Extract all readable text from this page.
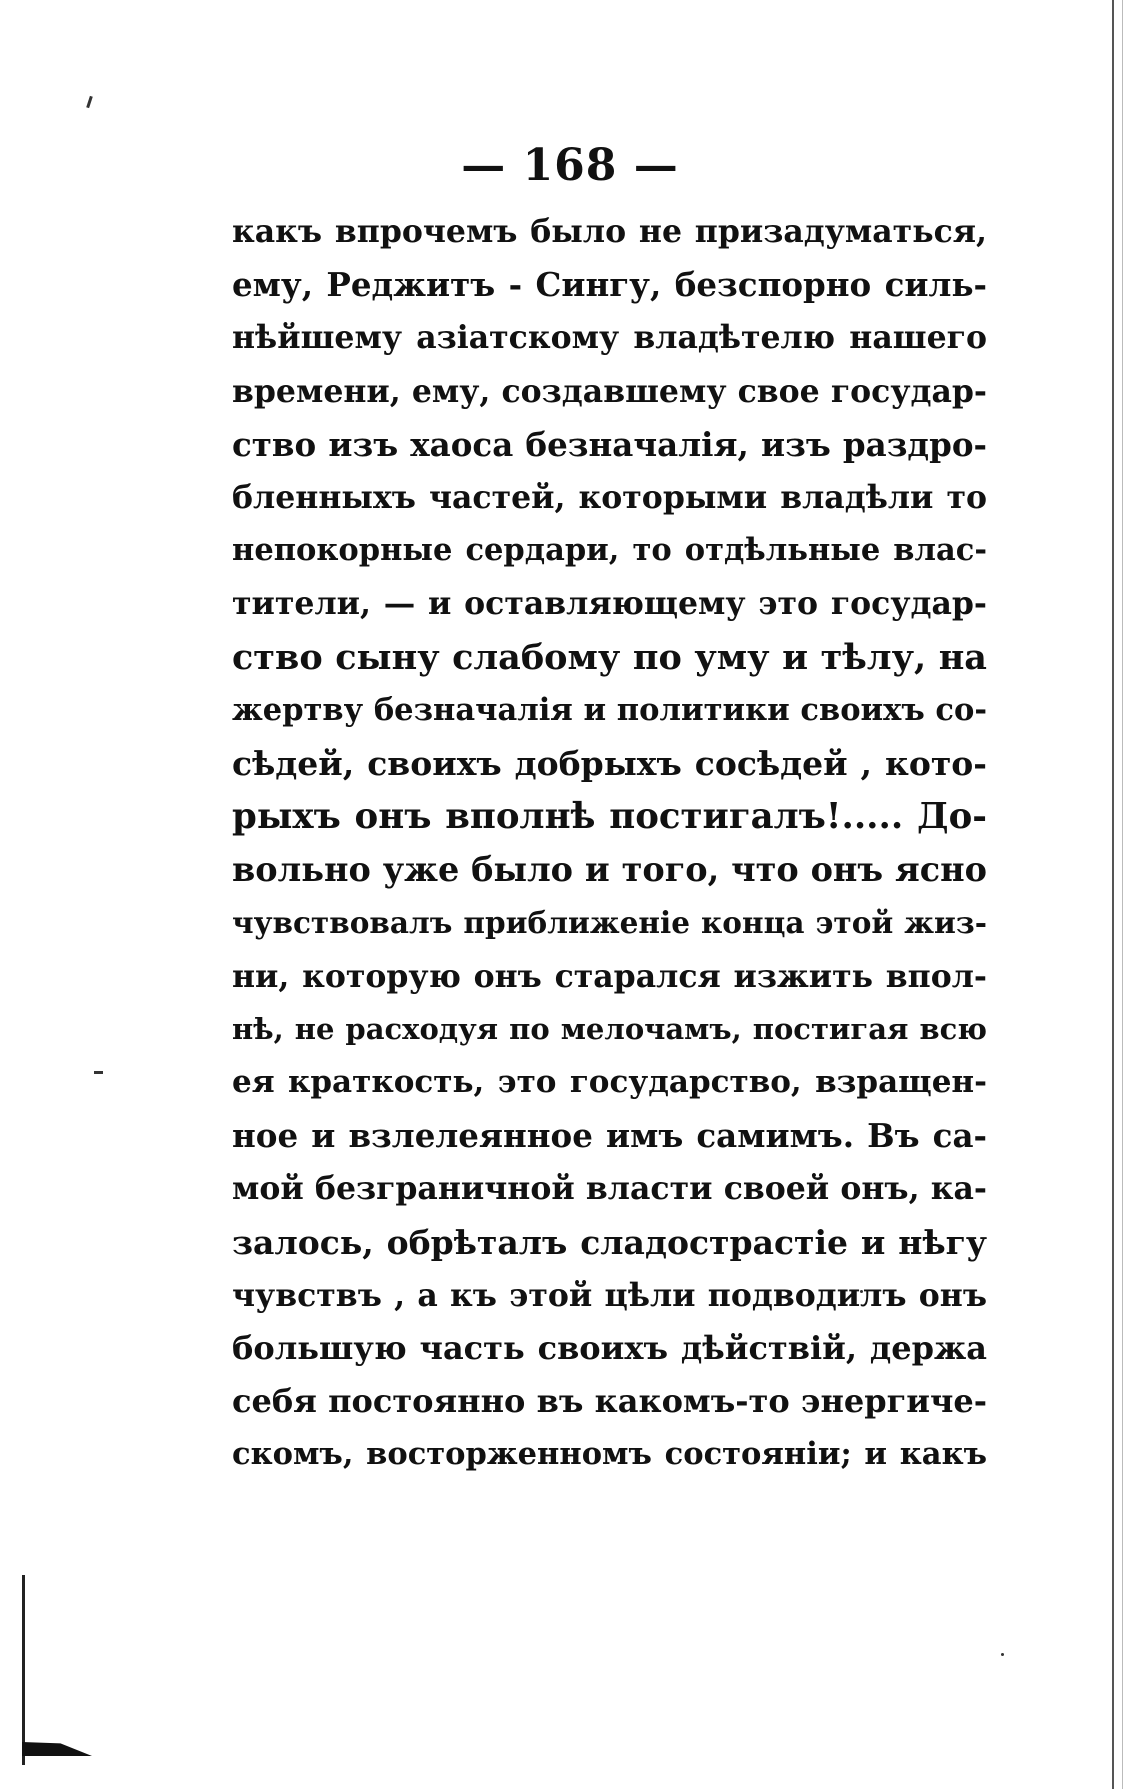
— 168 —
какъ впрочемъ было не призадуматься,
ему, Реджитъ - Сингу, безспорно силь-
нѣйшему азіатскому владѣтелю нашего
времени, ему, создавшему свое государ-
ство изъ хаоса безначалія, изъ раздро-
бленныхъ частей, которыми владѣли то
непокорные сердари, то отдѣльные влас-
тители, — и оставляющему это государ-
ство сыну слабому по уму и тѣлу, на
жертву безначалія и политики своихъ со-
сѣдей, своихъ добрыхъ сосѣдей , кото-
рыхъ онъ вполнѣ постигалъ!..... До-
вольно уже было и того, что онъ ясно
чувствовалъ приближеніе конца этой жиз-
ни, которую онъ старался изжить впол-
нѣ, не расходуя по мелочамъ, постигая всю
ея краткость, это государство, взращен-
ное и взлелеянное имъ самимъ. Въ са-
мой безграничной власти своей онъ, ка-
залось, обрѣталъ сладострастіе и нѣгу
чувствъ , а къ этой цѣли подводилъ онъ
большую часть своихъ дѣйствій, держа
себя постоянно въ какомъ-то энергиче-
скомъ, восторженномъ состояніи; и какъ
